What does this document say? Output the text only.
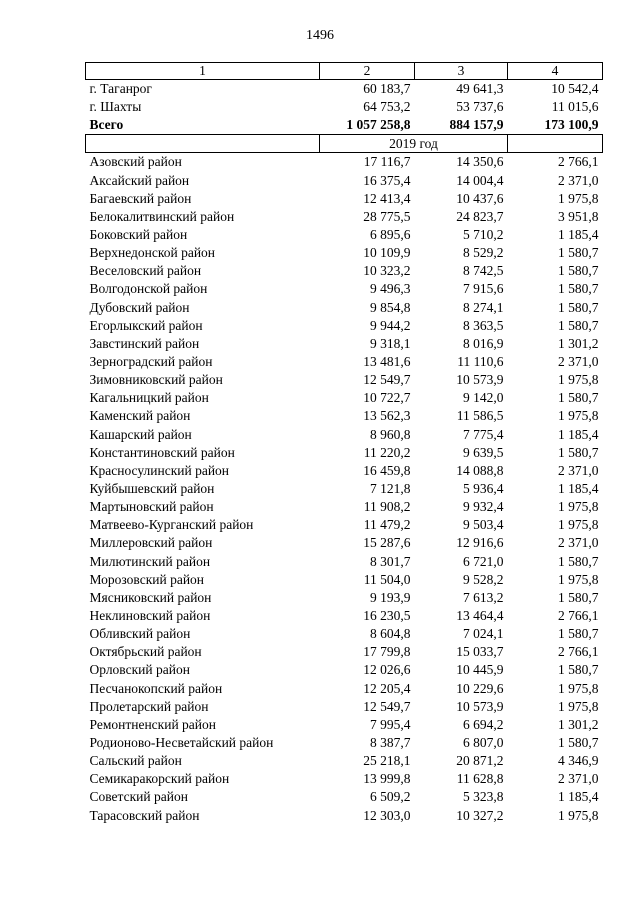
1496
1	2	3	4
г. Таганрог	60 183,7	49 641,3	10 542,4
г. Шахты	64 753,2	53 737,6	11 015,6
Всего	1 057 258,8	884 157,9	173 100,9
	2019 год		
Азовский район	17 116,7	14 350,6	2 766,1
Аксайский район	16 375,4	14 004,4	2 371,0
Багаевский район	12 413,4	10 437,6	1 975,8
Белокалитвинский район	28 775,5	24 823,7	3 951,8
Боковский район	6 895,6	5 710,2	1 185,4
Верхнедонской район	10 109,9	8 529,2	1 580,7
Веселовский район	10 323,2	8 742,5	1 580,7
Волгодонской район	9 496,3	7 915,6	1 580,7
Дубовский район	9 854,8	8 274,1	1 580,7
Егорлыкский район	9 944,2	8 363,5	1 580,7
Завстинский район	9 318,1	8 016,9	1 301,2
Зерноградский район	13 481,6	11 110,6	2 371,0
Зимовниковский район	12 549,7	10 573,9	1 975,8
Кагальницкий район	10 722,7	9 142,0	1 580,7
Каменский район	13 562,3	11 586,5	1 975,8
Кашарский район	8 960,8	7 775,4	1 185,4
Константиновский район	11 220,2	9 639,5	1 580,7
Красносулинский район	16 459,8	14 088,8	2 371,0
Куйбышевский район	7 121,8	5 936,4	1 185,4
Мартыновский район	11 908,2	9 932,4	1 975,8
Матвеево-Курганский район	11 479,2	9 503,4	1 975,8
Миллеровский район	15 287,6	12 916,6	2 371,0
Милютинский район	8 301,7	6 721,0	1 580,7
Морозовский район	11 504,0	9 528,2	1 975,8
Мясниковский район	9 193,9	7 613,2	1 580,7
Неклиновский район	16 230,5	13 464,4	2 766,1
Обливский район	8 604,8	7 024,1	1 580,7
Октябрьский район	17 799,8	15 033,7	2 766,1
Орловский район	12 026,6	10 445,9	1 580,7
Песчанокопский район	12 205,4	10 229,6	1 975,8
Пролетарский район	12 549,7	10 573,9	1 975,8
Ремонтненский район	7 995,4	6 694,2	1 301,2
Родионово-Несветайский район	8 387,7	6 807,0	1 580,7
Сальский район	25 218,1	20 871,2	4 346,9
Семикаракорский район	13 999,8	11 628,8	2 371,0
Советский район	6 509,2	5 323,8	1 185,4
Тарасовский район	12 303,0	10 327,2	1 975,8
